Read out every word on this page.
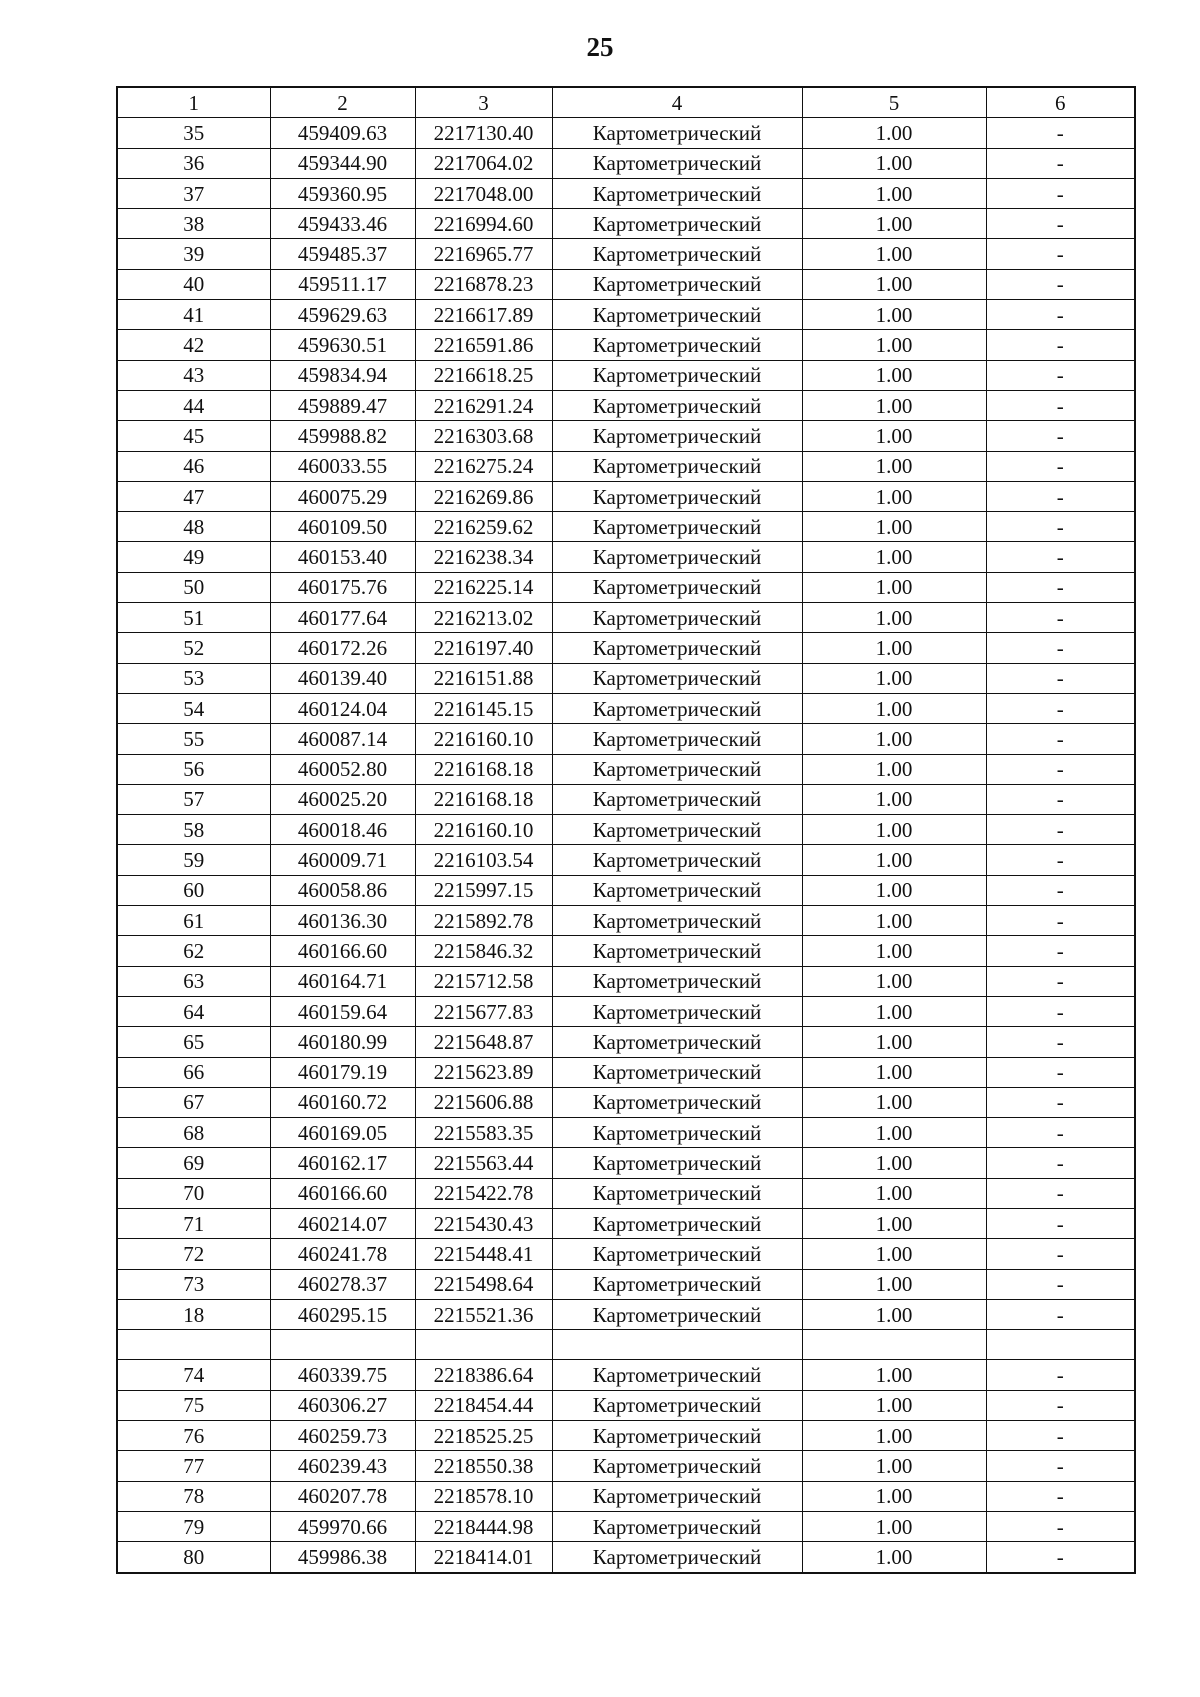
25
1	2	3	4	5	6
35	459409.63	2217130.40	Картометрический	1.00	-
36	459344.90	2217064.02	Картометрический	1.00	-
37	459360.95	2217048.00	Картометрический	1.00	-
38	459433.46	2216994.60	Картометрический	1.00	-
39	459485.37	2216965.77	Картометрический	1.00	-
40	459511.17	2216878.23	Картометрический	1.00	-
41	459629.63	2216617.89	Картометрический	1.00	-
42	459630.51	2216591.86	Картометрический	1.00	-
43	459834.94	2216618.25	Картометрический	1.00	-
44	459889.47	2216291.24	Картометрический	1.00	-
45	459988.82	2216303.68	Картометрический	1.00	-
46	460033.55	2216275.24	Картометрический	1.00	-
47	460075.29	2216269.86	Картометрический	1.00	-
48	460109.50	2216259.62	Картометрический	1.00	-
49	460153.40	2216238.34	Картометрический	1.00	-
50	460175.76	2216225.14	Картометрический	1.00	-
51	460177.64	2216213.02	Картометрический	1.00	-
52	460172.26	2216197.40	Картометрический	1.00	-
53	460139.40	2216151.88	Картометрический	1.00	-
54	460124.04	2216145.15	Картометрический	1.00	-
55	460087.14	2216160.10	Картометрический	1.00	-
56	460052.80	2216168.18	Картометрический	1.00	-
57	460025.20	2216168.18	Картометрический	1.00	-
58	460018.46	2216160.10	Картометрический	1.00	-
59	460009.71	2216103.54	Картометрический	1.00	-
60	460058.86	2215997.15	Картометрический	1.00	-
61	460136.30	2215892.78	Картометрический	1.00	-
62	460166.60	2215846.32	Картометрический	1.00	-
63	460164.71	2215712.58	Картометрический	1.00	-
64	460159.64	2215677.83	Картометрический	1.00	-
65	460180.99	2215648.87	Картометрический	1.00	-
66	460179.19	2215623.89	Картометрический	1.00	-
67	460160.72	2215606.88	Картометрический	1.00	-
68	460169.05	2215583.35	Картометрический	1.00	-
69	460162.17	2215563.44	Картометрический	1.00	-
70	460166.60	2215422.78	Картометрический	1.00	-
71	460214.07	2215430.43	Картометрический	1.00	-
72	460241.78	2215448.41	Картометрический	1.00	-
73	460278.37	2215498.64	Картометрический	1.00	-
18	460295.15	2215521.36	Картометрический	1.00	-

74	460339.75	2218386.64	Картометрический	1.00	-
75	460306.27	2218454.44	Картометрический	1.00	-
76	460259.73	2218525.25	Картометрический	1.00	-
77	460239.43	2218550.38	Картометрический	1.00	-
78	460207.78	2218578.10	Картометрический	1.00	-
79	459970.66	2218444.98	Картометрический	1.00	-
80	459986.38	2218414.01	Картометрический	1.00	-
